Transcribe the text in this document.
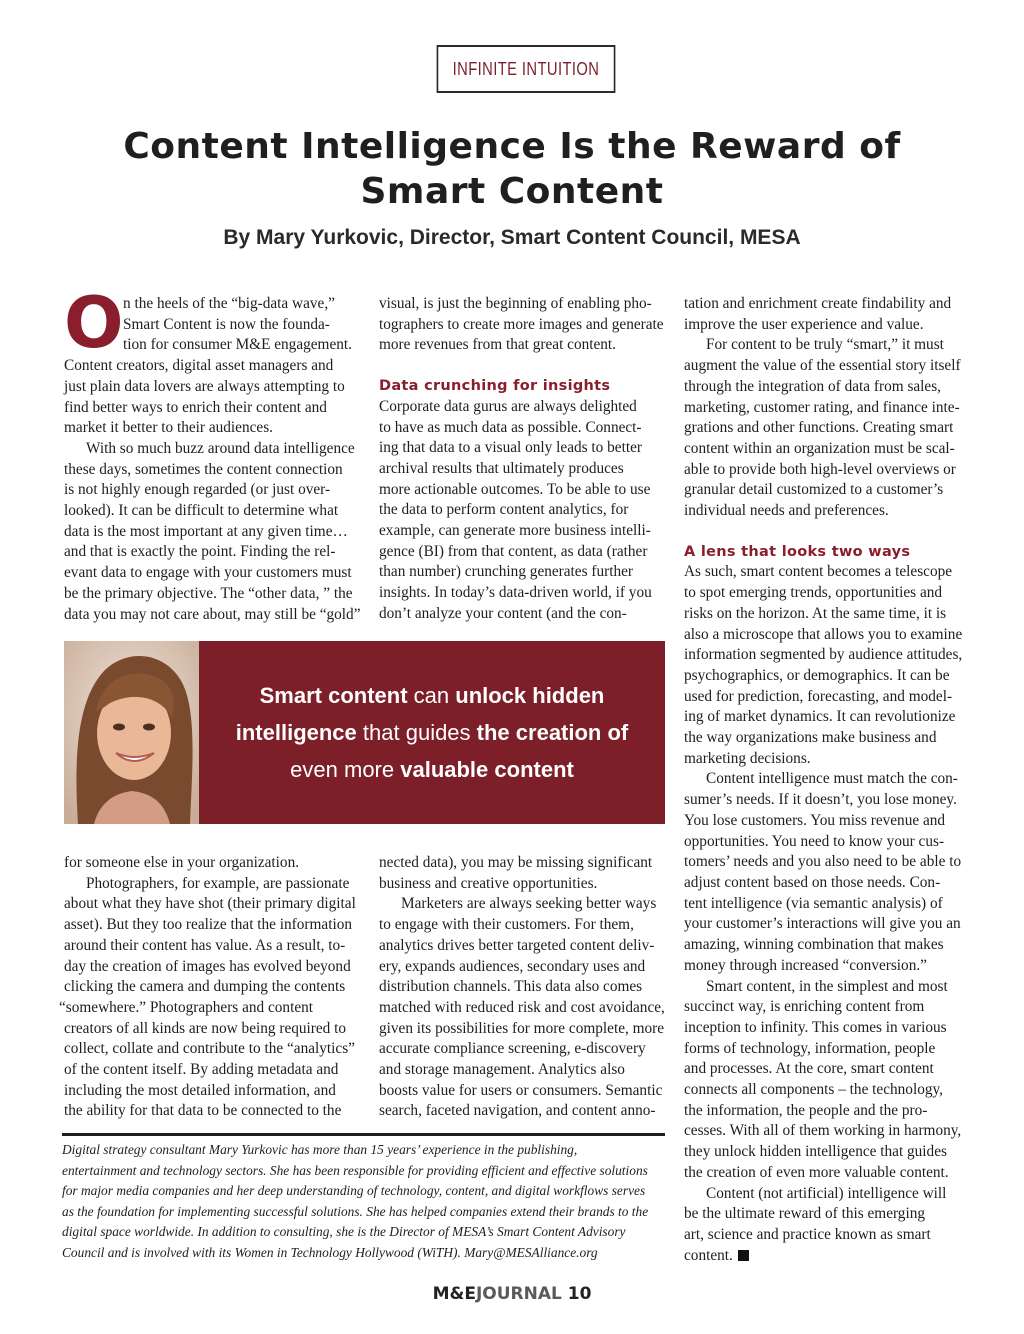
INFINITE INTUITION
Content Intelligence Is the Reward of
Smart Content

By Mary Yurkovic, Director, Smart Content Council, MESA

O n the heels of the “big-data wave,”
Smart Content is now the founda-
tion for consumer M&E engagement.
Content creators, digital asset managers and
just plain data lovers are always attempting to
find better ways to enrich their content and
market it better to their audiences.
With so much buzz around data intelligence
these days, sometimes the content connection
is not highly enough regarded (or just over-
looked). It can be difficult to determine what
data is the most important at any given time…
and that is exactly the point. Finding the rel-
evant data to engage with your customers must
be the primary objective. The “other data, ” the
data you may not care about, may still be “gold”
visual, is just the beginning of enabling pho-
tographers to create more images and generate
more revenues from that great content.
Data crunching for insights
Corporate data gurus are always delighted
to have as much data as possible. Connect-
ing that data to a visual only leads to better
archival results that ultimately produces
more actionable outcomes. To be able to use
the data to perform content analytics, for
example, can generate more business intelli-
gence (BI) from that content, as data (rather
than number) crunching generates further
insights. In today’s data-driven world, if you
don’t analyze your content (and the con-
Smart content can unlock hidden
intelligence that guides the creation of
even more valuable content
for someone else in your organization.
Photographers, for example, are passionate
about what they have shot (their primary digital
asset). But they too realize that the information
around their content has value. As a result, to-
day the creation of images has evolved beyond
clicking the camera and dumping the contents
“somewhere.” Photographers and content
creators of all kinds are now being required to
collect, collate and contribute to the “analytics”
of the content itself. By adding metadata and
including the most detailed information, and
the ability for that data to be connected to the
nected data), you may be missing significant
business and creative opportunities.
Marketers are always seeking better ways
to engage with their customers. For them,
analytics drives better targeted content deliv-
ery, expands audiences, secondary uses and
distribution channels. This data also comes
matched with reduced risk and cost avoidance,
given its possibilities for more complete, more
accurate compliance screening, e-discovery
and storage management. Analytics also
boosts value for users or consumers. Semantic
search, faceted navigation, and content anno-
tation and enrichment create findability and
improve the user experience and value.
For content to be truly “smart,” it must
augment the value of the essential story itself
through the integration of data from sales,
marketing, customer rating, and finance inte-
grations and other functions. Creating smart
content within an organization must be scal-
able to provide both high-level overviews or
granular detail customized to a customer’s
individual needs and preferences.
A lens that looks two ways
As such, smart content becomes a telescope
to spot emerging trends, opportunities and
risks on the horizon. At the same time, it is
also a microscope that allows you to examine
information segmented by audience attitudes,
psychographics, or demographics. It can be
used for prediction, forecasting, and model-
ing of market dynamics. It can revolutionize
the way organizations make business and
marketing decisions.
Content intelligence must match the con-
sumer’s needs. If it doesn’t, you lose money.
You lose customers. You miss revenue and
opportunities. You need to know your cus-
tomers’ needs and you also need to be able to
adjust content based on those needs. Con-
tent intelligence (via semantic analysis) of
your customer’s interactions will give you an
amazing, winning combination that makes
money through increased “conversion.”
Smart content, in the simplest and most
succinct way, is enriching content from
inception to infinity. This comes in various
forms of technology, information, people
and processes. At the core, smart content
connects all components – the technology,
the information, the people and the pro-
cesses. With all of them working in harmony,
they unlock hidden intelligence that guides
the creation of even more valuable content.
Content (not artificial) intelligence will
be the ultimate reward of this emerging
art, science and practice known as smart
content.
Digital strategy consultant Mary Yurkovic has more than 15 years’ experience in the publishing,
entertainment and technology sectors. She has been responsible for providing efficient and effective solutions
for major media companies and her deep understanding of technology, content, and digital workflows serves
as the foundation for implementing successful solutions. She has helped companies extend their brands to the
digital space worldwide. In addition to consulting, she is the Director of MESA’s Smart Content Advisory
Council and is involved with its Women in Technology Hollywood (WiTH). Mary@MESAlliance.org
M&EJOURNAL 10
